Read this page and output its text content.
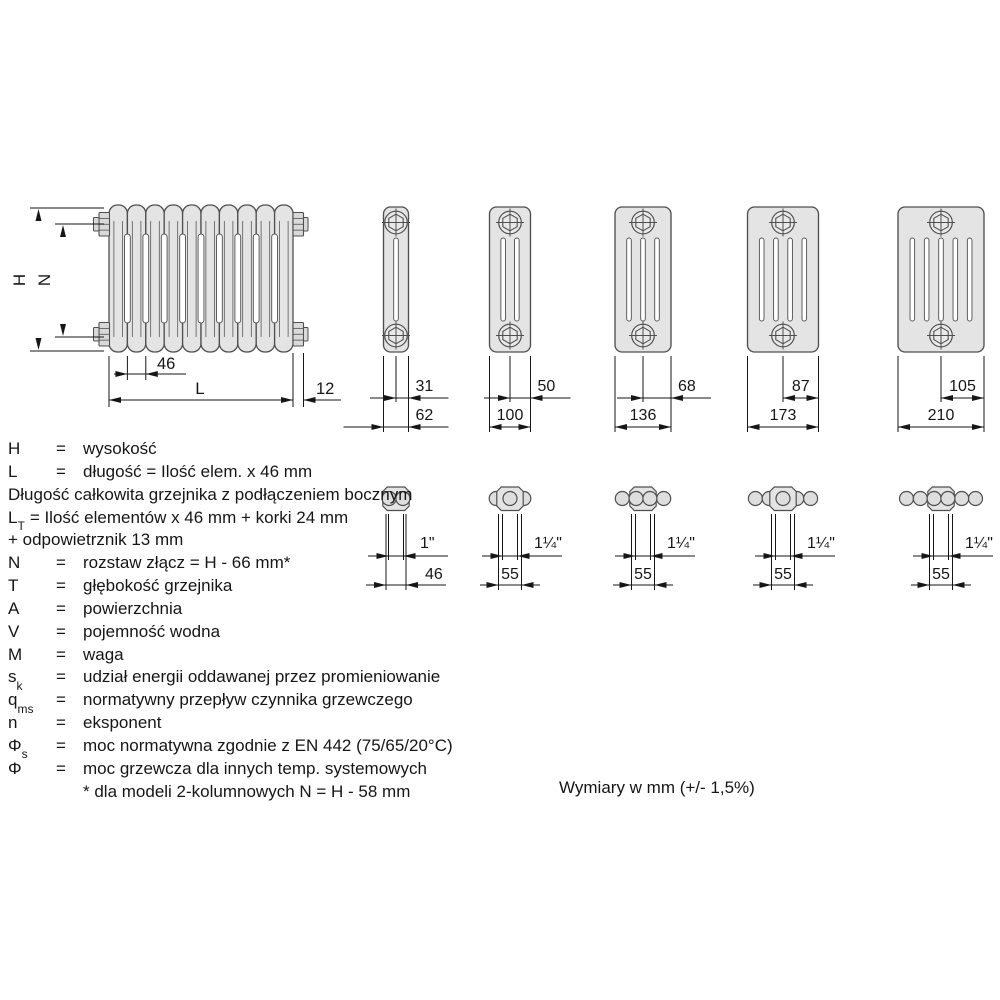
H N
46
L	12	31
62
1"
46
50
100
1¼"
55
68
136
1¼"
55
87
173
1¼"
55
105
210
1¼"
55
H	=	wysokość
L	=	długość = Ilość elem. x 46 mm
Długość całkowita grzejnika z podłączeniem bocznym
$L_T$ = Ilość elementów x 46 mm + korki 24 mm
+ odpowietrznik 13 mm
N	=	rozstaw złącz = H - 66 mm*
T	=	głębokość grzejnika
A	=	powierzchnia
V	=	pojemność wodna
M	=	waga
$s_k$	=	udział energii oddawanej przez promieniowanie
$q_{ms}$	=	normatywny przepływ czynnika grzewczego
n	=	eksponent
$\Phi_s$	=	moc normatywna zgodnie z EN 442 (75/65/20°C)
Φ	=	moc grzewcza dla innych temp. systemowych
* dla modeli 2-kolumnowych N = H - 58 mm	Wymiary w mm (+/- 1,5%)
